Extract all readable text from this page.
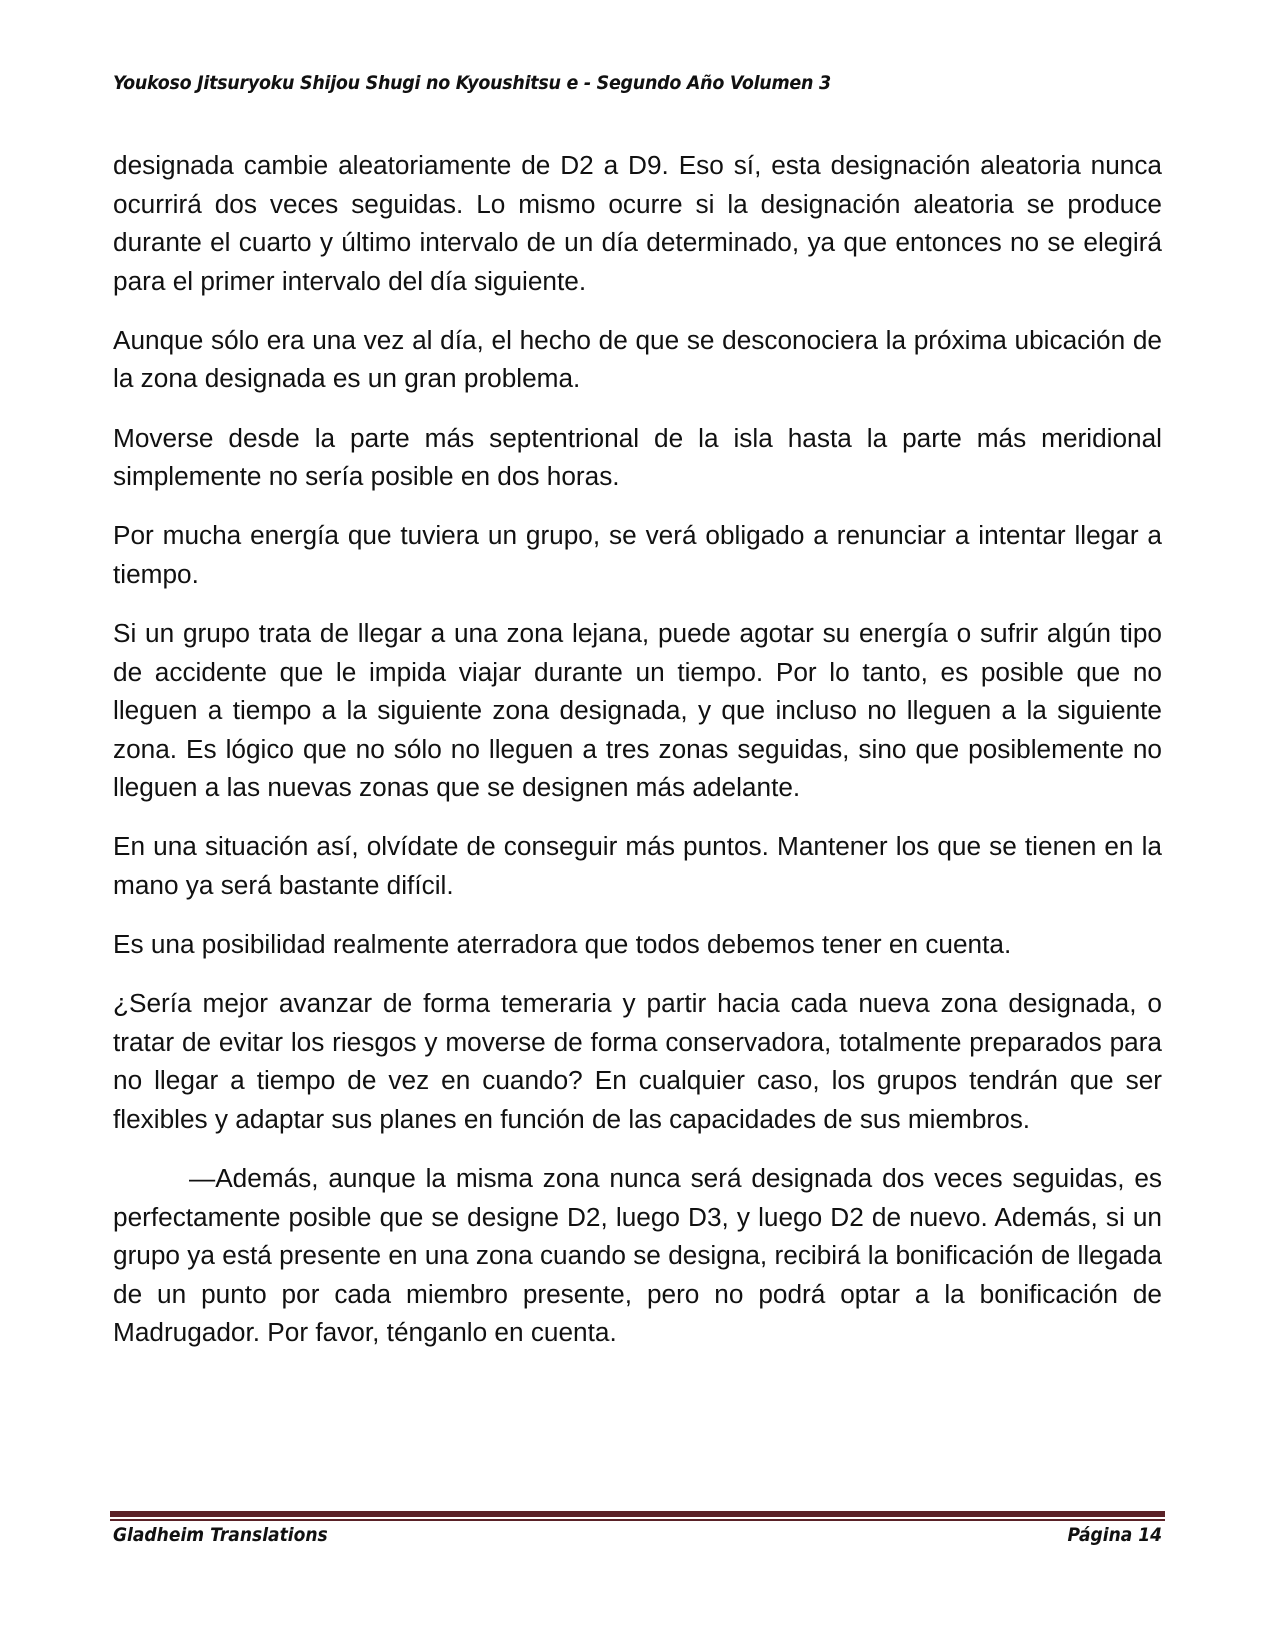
Youkoso Jitsuryoku Shijou Shugi no Kyoushitsu e - Segundo Año Volumen 3

designada cambie aleatoriamente de D2 a D9. Eso sí, esta designación aleatoria nunca ocurrirá dos veces seguidas. Lo mismo ocurre si la designación aleatoria se produce durante el cuarto y último intervalo de un día determinado, ya que entonces no se elegirá para el primer intervalo del día siguiente.

Aunque sólo era una vez al día, el hecho de que se desconociera la próxima ubicación de la zona designada es un gran problema.

Moverse desde la parte más septentrional de la isla hasta la parte más meridional simplemente no sería posible en dos horas.

Por mucha energía que tuviera un grupo, se verá obligado a renunciar a intentar llegar a tiempo.

Si un grupo trata de llegar a una zona lejana, puede agotar su energía o sufrir algún tipo de accidente que le impida viajar durante un tiempo. Por lo tanto, es posible que no lleguen a tiempo a la siguiente zona designada, y que incluso no lleguen a la siguiente zona. Es lógico que no sólo no lleguen a tres zonas seguidas, sino que posiblemente no lleguen a las nuevas zonas que se designen más adelante.

En una situación así, olvídate de conseguir más puntos. Mantener los que se tienen en la mano ya será bastante difícil.

Es una posibilidad realmente aterradora que todos debemos tener en cuenta.

¿Sería mejor avanzar de forma temeraria y partir hacia cada nueva zona designada, o tratar de evitar los riesgos y moverse de forma conservadora, totalmente preparados para no llegar a tiempo de vez en cuando? En cualquier caso, los grupos tendrán que ser flexibles y adaptar sus planes en función de las capacidades de sus miembros.

—Además, aunque la misma zona nunca será designada dos veces seguidas, es perfectamente posible que se designe D2, luego D3, y luego D2 de nuevo. Además, si un grupo ya está presente en una zona cuando se designa, recibirá la bonificación de llegada de un punto por cada miembro presente, pero no podrá optar a la bonificación de Madrugador. Por favor, ténganlo en cuenta.

Gladheim Translations	Página 14
